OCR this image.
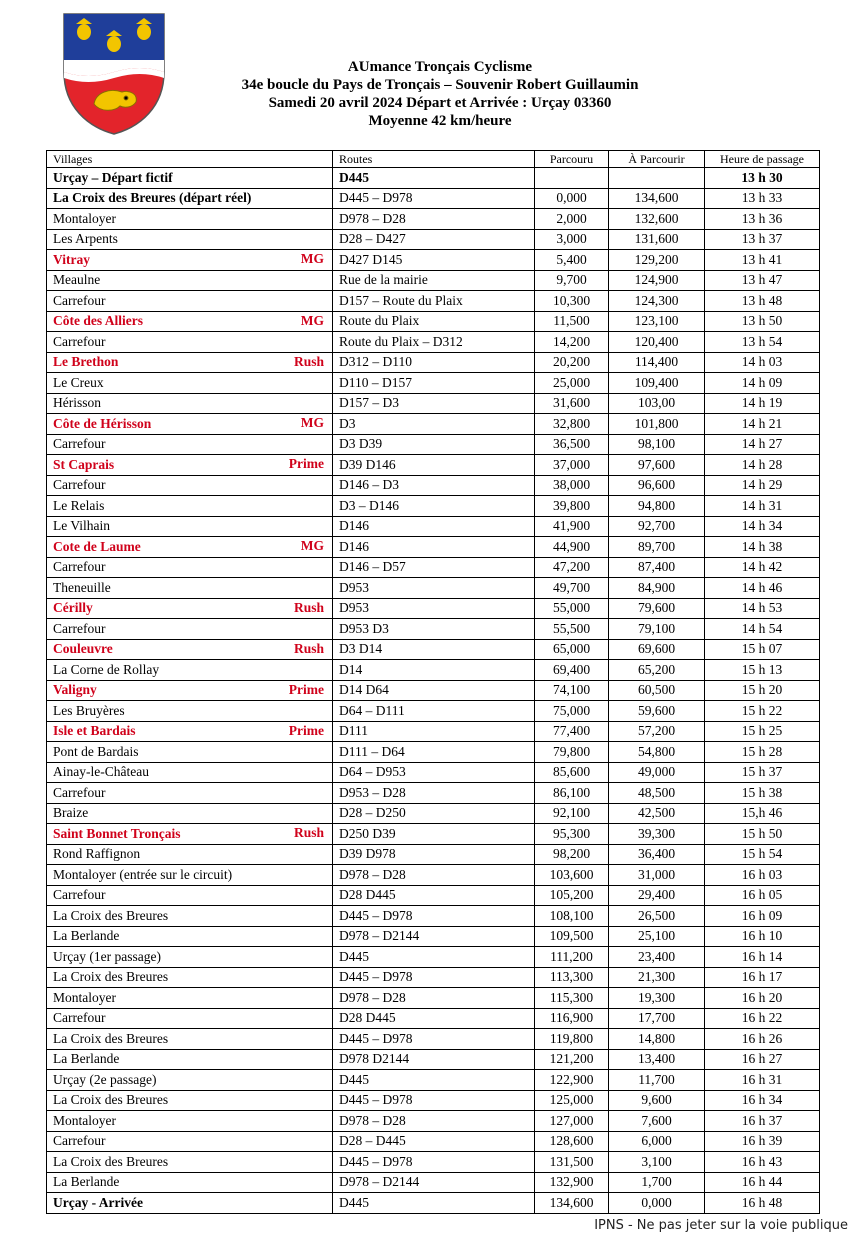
AUmance Tronçais Cyclisme
34e boucle du Pays de Tronçais – Souvenir Robert Guillaumin
Samedi 20 avril 2024 Départ et Arrivée : Urçay 03360
Moyenne 42 km/heure
Villages	Routes	Parcouru	À Parcourir	Heure de passage
Urçay – Départ fictif	D445			13 h 30
La Croix des Breures (départ réel)	D445 – D978	0,000	134,600	13 h 33
Montaloyer	D978 – D28	2,000	132,600	13 h 36
Les Arpents	D28 – D427	3,000	131,600	13 h 37
Vitray MG	D427 D145	5,400	129,200	13 h 41
Meaulne	Rue de la mairie	9,700	124,900	13 h 47
Carrefour	D157 – Route du Plaix	10,300	124,300	13 h 48
Côte des Alliers MG	Route du Plaix	11,500	123,100	13 h 50
Carrefour	Route du Plaix – D312	14,200	120,400	13 h 54
Le Brethon Rush	D312 – D110	20,200	114,400	14 h 03
Le Creux	D110 – D157	25,000	109,400	14 h 09
Hérisson	D157 – D3	31,600	103,00	14 h 19
Côte de Hérisson MG	D3	32,800	101,800	14 h 21
Carrefour	D3 D39	36,500	98,100	14 h 27
St Caprais Prime	D39 D146	37,000	97,600	14 h 28
Carrefour	D146 – D3	38,000	96,600	14 h 29
Le Relais	D3 – D146	39,800	94,800	14 h 31
Le Vilhain	D146	41,900	92,700	14 h 34
Cote de Laume MG	D146	44,900	89,700	14 h 38
Carrefour	D146 – D57	47,200	87,400	14 h 42
Theneuille	D953	49,700	84,900	14 h 46
Cérilly Rush	D953	55,000	79,600	14 h 53
Carrefour	D953 D3	55,500	79,100	14 h 54
Couleuvre Rush	D3 D14	65,000	69,600	15 h 07
La Corne de Rollay	D14	69,400	65,200	15 h 13
Valigny Prime	D14 D64	74,100	60,500	15 h 20
Les Bruyères	D64 – D111	75,000	59,600	15 h 22
Isle et Bardais Prime	D111	77,400	57,200	15 h 25
Pont de Bardais	D111 – D64	79,800	54,800	15 h 28
Ainay-le-Château	D64 – D953	85,600	49,000	15 h 37
Carrefour	D953 – D28	86,100	48,500	15 h 38
Braize	D28 – D250	92,100	42,500	15,h 46
Saint Bonnet Tronçais Rush	D250 D39	95,300	39,300	15 h 50
Rond Raffignon	D39 D978	98,200	36,400	15 h 54
Montaloyer (entrée sur le circuit)	D978 – D28	103,600	31,000	16 h 03
Carrefour	D28 D445	105,200	29,400	16 h 05
La Croix des Breures	D445 – D978	108,100	26,500	16 h 09
La Berlande	D978 – D2144	109,500	25,100	16 h 10
Urçay (1er passage)	D445	111,200	23,400	16 h 14
La Croix des Breures	D445 – D978	113,300	21,300	16 h 17
Montaloyer	D978 – D28	115,300	19,300	16 h 20
Carrefour	D28 D445	116,900	17,700	16 h 22
La Croix des Breures	D445 – D978	119,800	14,800	16 h 26
La Berlande	D978 D2144	121,200	13,400	16 h 27
Urçay (2e passage)	D445	122,900	11,700	16 h 31
La Croix des Breures	D445 – D978	125,000	9,600	16 h 34
Montaloyer	D978 – D28	127,000	7,600	16 h 37
Carrefour	D28 – D445	128,600	6,000	16 h 39
La Croix des Breures	D445 – D978	131,500	3,100	16 h 43
La Berlande	D978 – D2144	132,900	1,700	16 h 44
Urçay - Arrivée	D445	134,600	0,000	16 h 48
IPNS - Ne pas jeter sur la voie publique
